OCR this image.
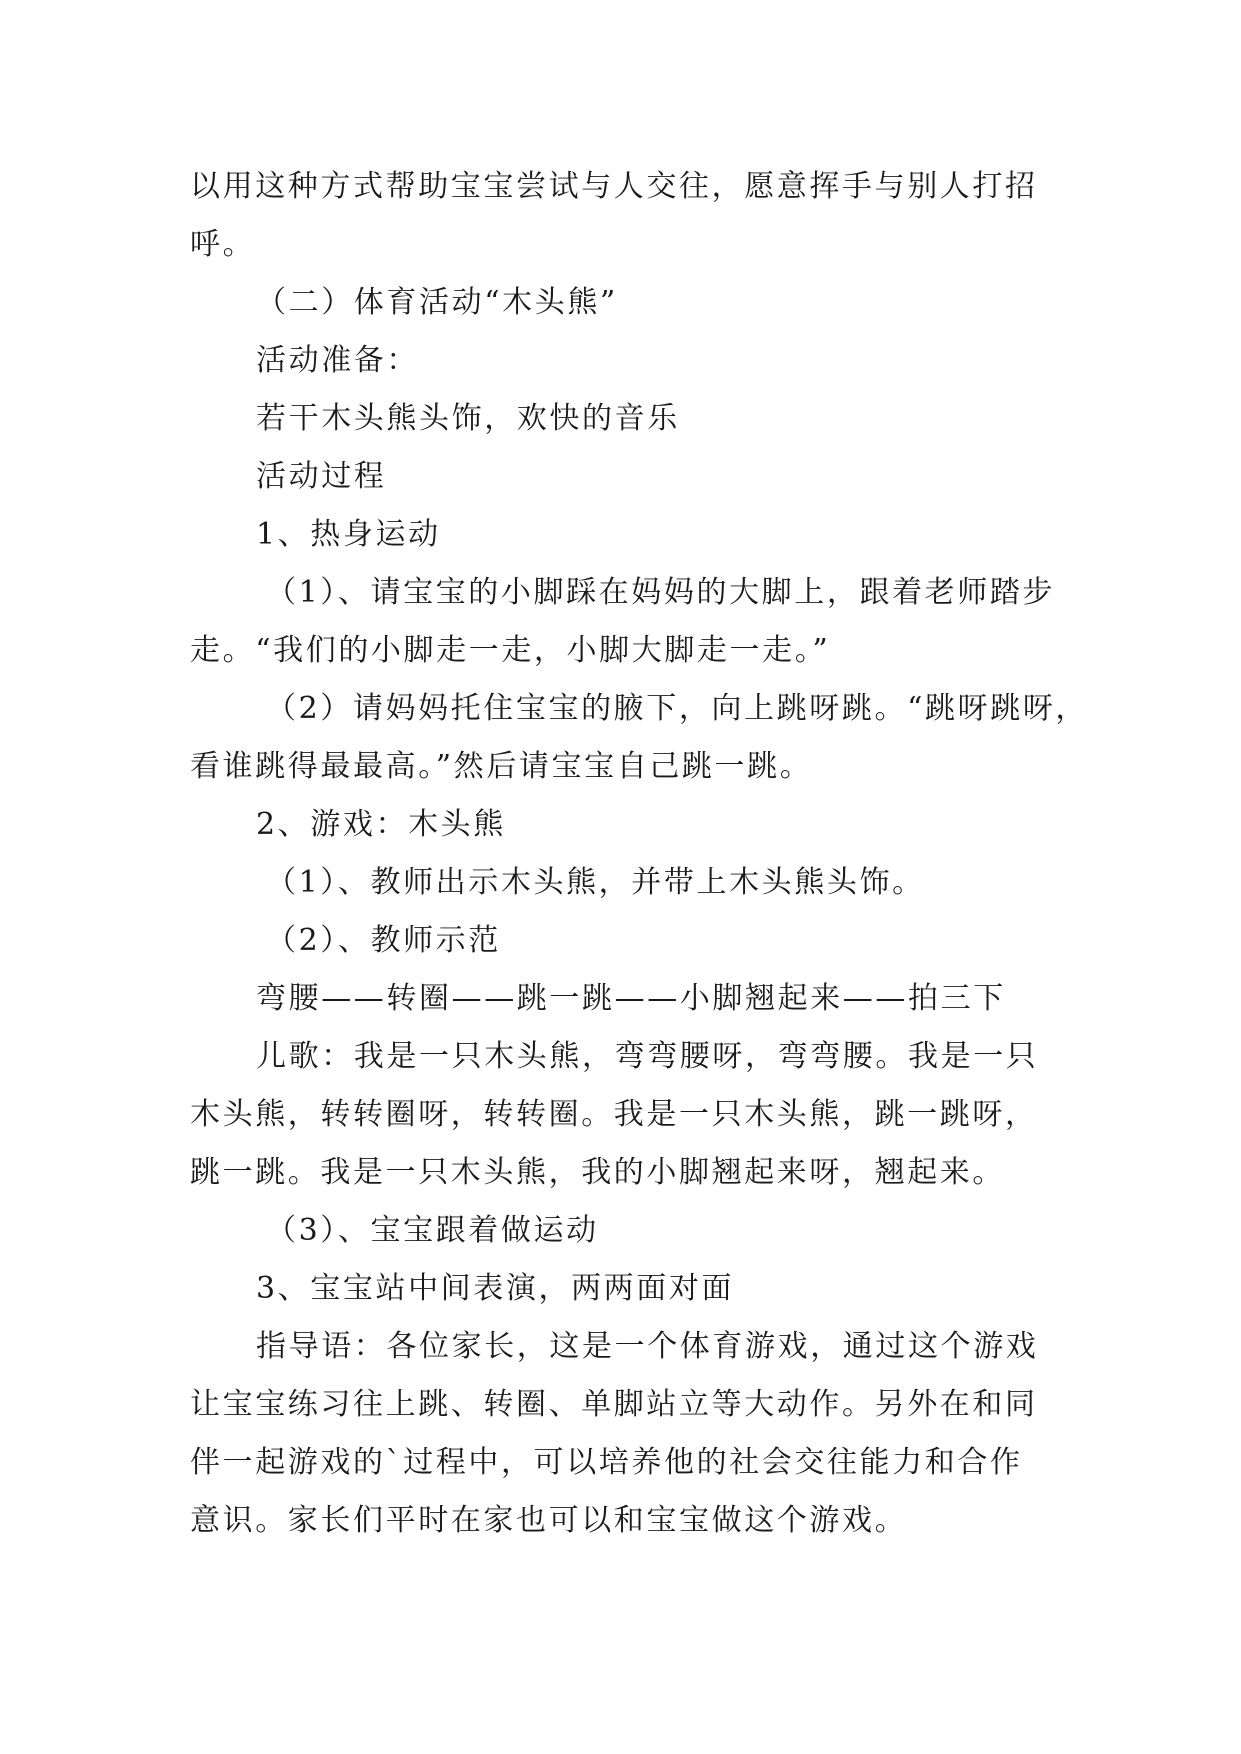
以用这种方式帮助宝宝尝试与人交往，愿意挥手与别人打招
呼。
（二）体育活动“木头熊”
活动准备：
若干木头熊头饰，欢快的音乐
活动过程
1、热身运动
（1）、请宝宝的小脚踩在妈妈的大脚上，跟着老师踏步
走。“我们的小脚走一走，小脚大脚走一走。”
（2）请妈妈托住宝宝的腋下，向上跳呀跳。“跳呀跳呀，
看谁跳得最最高。”然后请宝宝自己跳一跳。
2、游戏：木头熊
（1）、教师出示木头熊，并带上木头熊头饰。
（2）、教师示范
弯腰——转圈——跳一跳——小脚翘起来——拍三下
儿歌：我是一只木头熊，弯弯腰呀，弯弯腰。我是一只
木头熊，转转圈呀，转转圈。我是一只木头熊，跳一跳呀，
跳一跳。我是一只木头熊，我的小脚翘起来呀，翘起来。
（3）、宝宝跟着做运动
3、宝宝站中间表演，两两面对面
指导语：各位家长，这是一个体育游戏，通过这个游戏
让宝宝练习往上跳、转圈、单脚站立等大动作。另外在和同
伴一起游戏的`过程中，可以培养他的社会交往能力和合作
意识。家长们平时在家也可以和宝宝做这个游戏。
